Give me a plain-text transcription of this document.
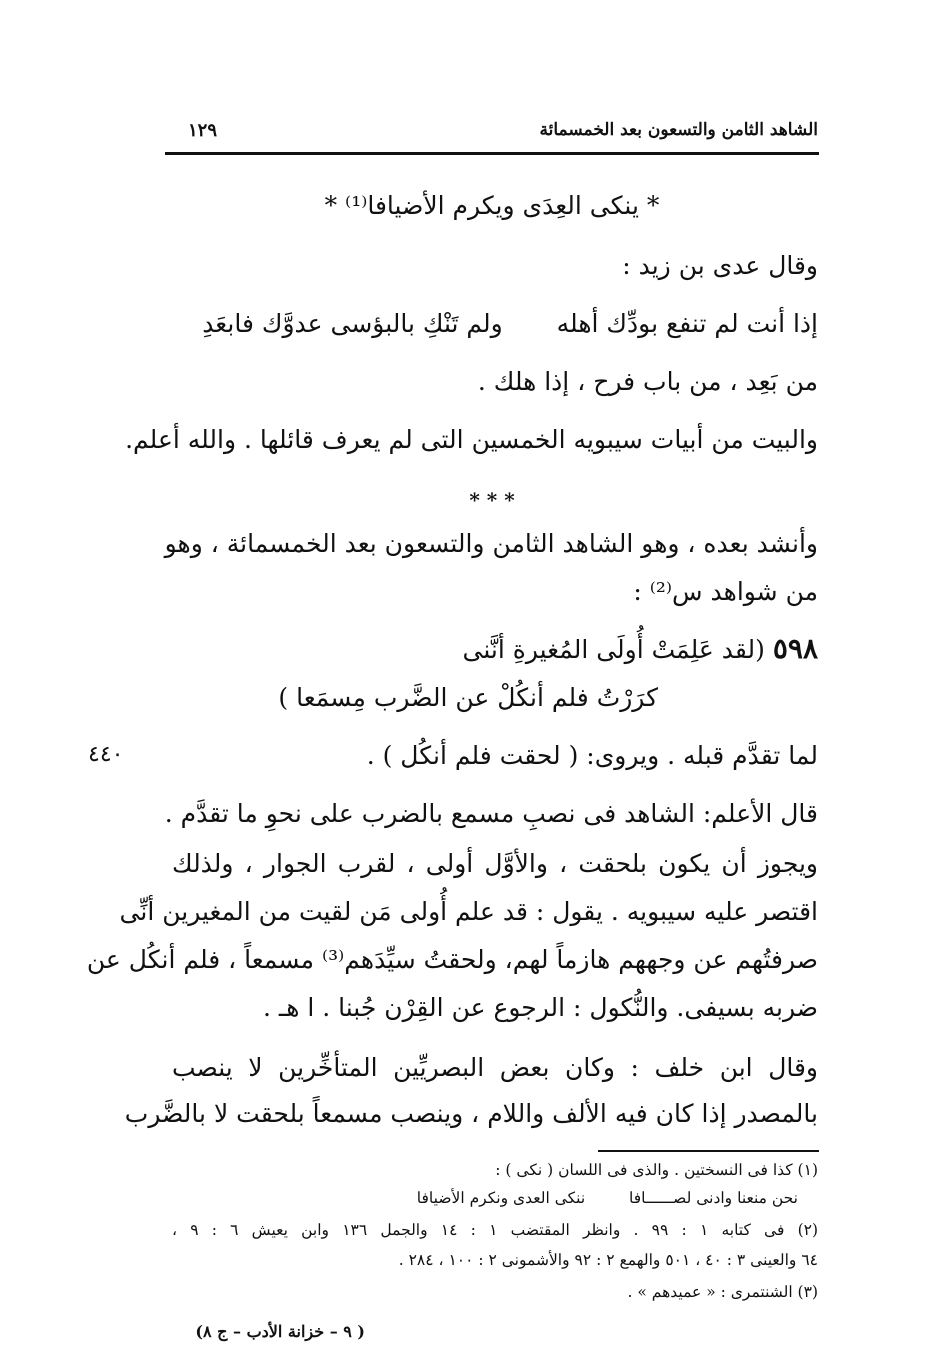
الشاهد الثامن والتسعون بعد الخمسمائة
١٢٩
٤٤٠
* ينكى العِدَى ويكرم الأضيافا⁽¹⁾ *
وقال عدى بن زيد :
إذا أنت لم تنفع بودِّك أهله  ولم تَنْكِ بالبؤسى عدوَّك فابعَدِ
من بَعِد ، من باب فرح ، إذا هلك .
والبيت من أبيات سيبويه الخمسين التى لم يعرف قائلها . والله أعلم.
* * *
وأنشد بعده ، وهو الشاهد الثامن والتسعون بعد الخمسمائة ، وهو
من شواهد س⁽²⁾ :
٥٩٨ (لقد عَلِمَتْ أُولَى المُغيرةِ أنَّنى
كرَرْتُ فلم أنكُلْ عن الضَّرب مِسمَعا )
لما تقدَّم قبله . ويروى: ( لحقت فلم أنكُل ) .
قال الأعلم: الشاهد فى نصبِ مسمع بالضرب على نحوِ ما تقدَّم .
ويجوز أن يكون بلحقت ، والأوَّل أولى ، لقرب الجوار ، ولذلك
اقتصر عليه سيبويه . يقول : قد علم أُولى مَن لقيت من المغيرين أنِّى
صرفتُهم عن وجههم هازماً لهم، ولحقتُ سيِّدَهم⁽³⁾ مسمعاً ، فلم أنكُل عن
ضربه بسيفى. والنُّكول : الرجوع عن القِرْن جُبنا . ا هـ .
وقال ابن خلف : وكان بعض البصريِّين المتأخِّرين لا ينصب
بالمصدر إذا كان فيه الألف واللام ، وينصب مسمعاً بلحقت لا بالضَّرب
(١) كذا فى النسختين . والذى فى اللسان ( نكى ) :
نحن منعنا وادنى لصــــــافا  ننكى العدى ونكرم الأضيافا
(٢) فى كتابه ١ : ٩٩ . وانظر المقتضب ١ : ١٤ والجمل ١٣٦ وابن يعيش ٦ : ٩ ،
٦٤ والعينى ٣ : ٤٠ ، ٥٠١ والهمع ٢ : ٩٢ والأشمونى ٢ : ١٠٠ ، ٢٨٤ .
(٣) الشنتمرى : « عميدهم » .
( ٩ – خزانة الأدب – ج ٨)
